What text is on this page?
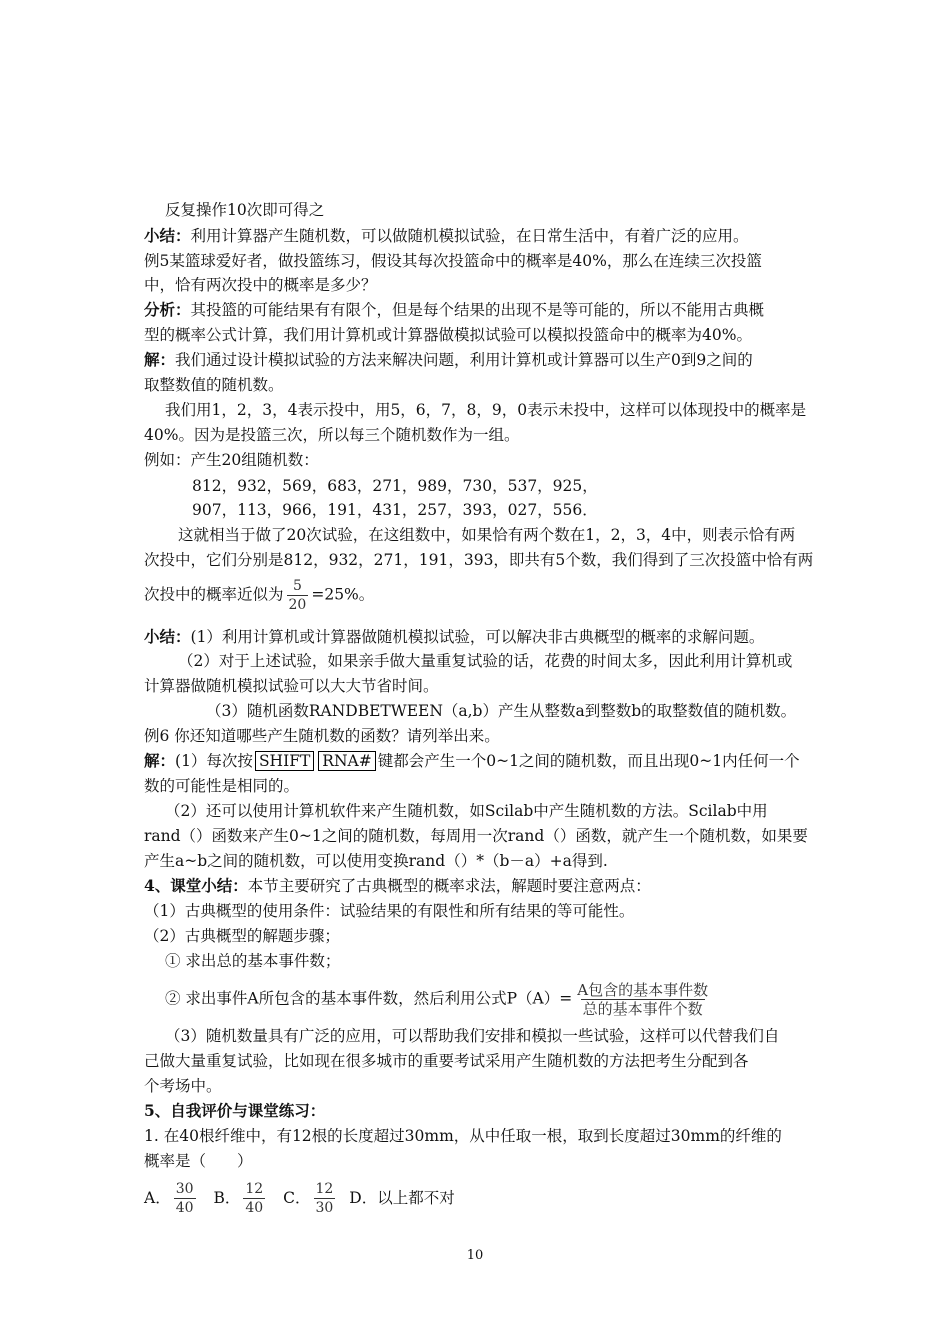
反复操作10次即可得之
小结：利用计算器产生随机数，可以做随机模拟试验，在日常生活中，有着广泛的应用。
例5某篮球爱好者，做投篮练习，假设其每次投篮命中的概率是40%，那么在连续三次投篮
中，恰有两次投中的概率是多少？
分析：其投篮的可能结果有有限个，但是每个结果的出现不是等可能的，所以不能用古典概
型的概率公式计算，我们用计算机或计算器做模拟试验可以模拟投篮命中的概率为40%。
解：我们通过设计模拟试验的方法来解决问题，利用计算机或计算器可以生产0到9之间的
取整数值的随机数。
我们用1，2，3，4表示投中，用5，6，7，8，9，0表示未投中，这样可以体现投中的概率是
40%。因为是投篮三次，所以每三个随机数作为一组。
例如：产生20组随机数：
812，932，569，683，271，989，730，537，925，
907，113，966，191，431，257，393，027，556．
这就相当于做了20次试验，在这组数中，如果恰有两个数在1，2，3，4中，则表示恰有两
次投中，它们分别是812，932，271，191，393，即共有5个数，我们得到了三次投篮中恰有两
次投中的概率近似为 $\frac{5}{20} =25\%$。
小结：(1）利用计算机或计算器做随机模拟试验，可以解决非古典概型的概率的求解问题。
（2）对于上述试验，如果亲手做大量重复试验的话，花费的时间太多，因此利用计算机或
计算器做随机模拟试验可以大大节省时间。
（3）随机函数RANDBETWEEN（a,b）产生从整数a到整数b的取整数值的随机数。
例6 你还知道哪些产生随机数的函数？请列举出来。
解：(1）每次按 SHIFT RNA# 键都会产生一个0~1之间的随机数，而且出现0~1内任何一个
数的可能性是相同的。
（2）还可以使用计算机软件来产生随机数，如Scilab中产生随机数的方法。Scilab中用
rand（）函数来产生0~1之间的随机数，每周用一次rand（）函数，就产生一个随机数，如果要
产生a~b之间的随机数，可以使用变换rand（）*（b－a）+a得到.
4、课堂小结：本节主要研究了古典概型的概率求法，解题时要注意两点：
（1）古典概型的使用条件：试验结果的有限性和所有结果的等可能性。
（2）古典概型的解题步骤；
① 求出总的基本事件数；
② 求出事件A所包含的基本事件数，然后利用公式$P(A)= \frac{\text{A包含的基本事件数}}{\text{总的基本事件个数}}$
（3）随机数量具有广泛的应用，可以帮助我们安排和模拟一些试验，这样可以代替我们自
己做大量重复试验，比如现在很多城市的重要考试采用产生随机数的方法把考生分配到各
个考场中。
5、自我评价与课堂练习：
1. 在40根纤维中，有12根的长度超过30mm，从中任取一根，取到长度超过30mm的纤维的
概率是（　　）
A． $\frac{30}{40}$ B． $\frac{12}{40}$ C． $\frac{12}{30}$ D．以上都不对
10
